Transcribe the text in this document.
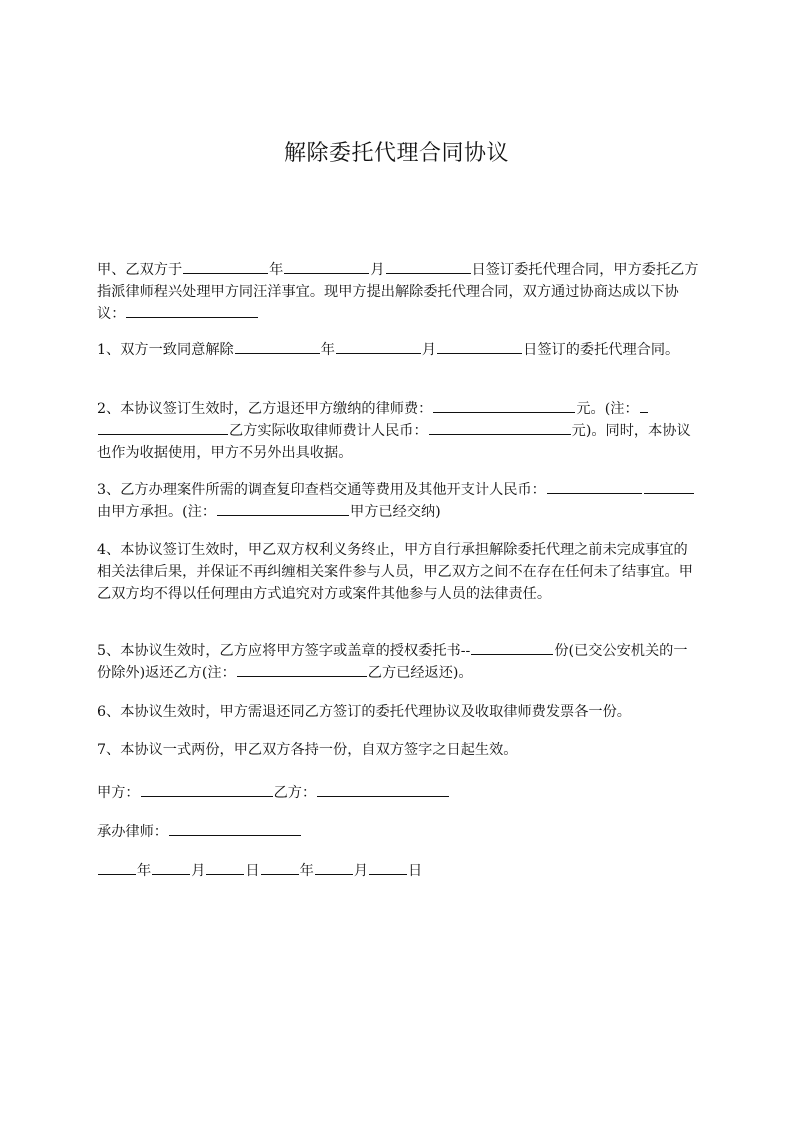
解除委托代理合同协议
甲、乙双方于	年	月	日签订委托代理合同，甲方委托乙方指派律师程兴处理甲方同汪洋事宜。现甲方提出解除委托代理合同，双方通过协商达成以下协议：
1、双方一致同意解除	年	月	日签订的委托代理合同。
2、本协议签订生效时，乙方退还甲方缴纳的律师费：	元。(注：乙方实际收取律师费计人民币：	元)。同时，本协议也作为收据使用，甲方不另外出具收据。
3、乙方办理案件所需的调查复印查档交通等费用及其他开支计人民币：由甲方承担。(注：	甲方已经交纳)
4、本协议签订生效时，甲乙双方权利义务终止，甲方自行承担解除委托代理之前未完成事宜的相关法律后果，并保证不再纠缠相关案件参与人员，甲乙双方之间不在存在任何未了结事宜。甲乙双方均不得以任何理由方式追究对方或案件其他参与人员的法律责任。
5、本协议生效时，乙方应将甲方签字或盖章的授权委托书--	份(已交公安机关的一份除外)返还乙方(注：	乙方已经返还)。
6、本协议生效时，甲方需退还同乙方签订的委托代理协议及收取律师费发票各一份。
7、本协议一式两份，甲乙双方各持一份，自双方签字之日起生效。
甲方：	乙方：
承办律师：
年	月	日	年	月	日
